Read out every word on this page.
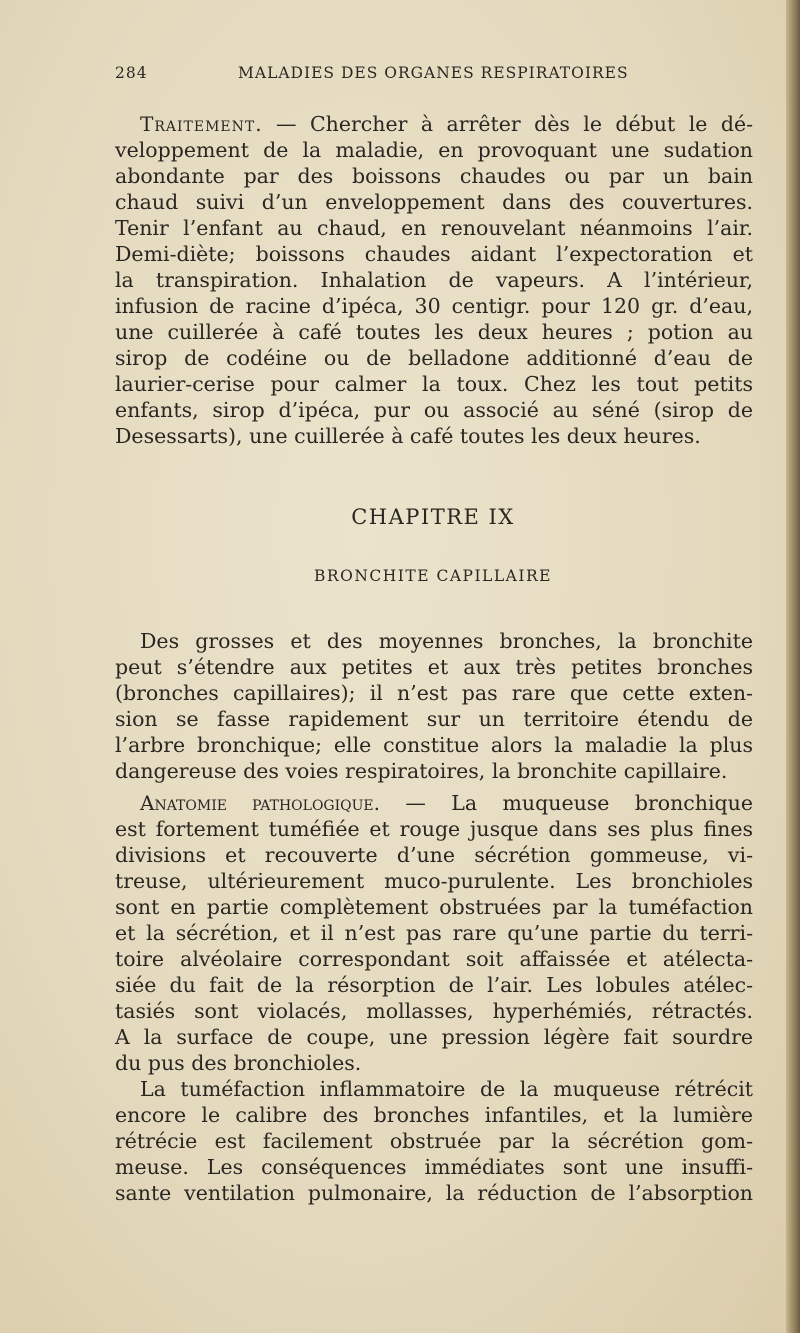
284	MALADIES DES ORGANES RESPIRATOIRES
Traitement. — Chercher à arrêter dès le début le dé-
veloppement de la maladie, en provoquant une sudation
abondante par des boissons chaudes ou par un bain
chaud suivi d’un enveloppement dans des couvertures.
Tenir l’enfant au chaud, en renouvelant néanmoins l’air.
Demi-diète; boissons chaudes aidant l’expectoration et
la transpiration. Inhalation de vapeurs. A l’intérieur,
infusion de racine d’ipéca, 30 centigr. pour 120 gr. d’eau,
une cuillerée à café toutes les deux heures ; potion au
sirop de codéine ou de belladone additionné d’eau de
laurier-cerise pour calmer la toux. Chez les tout petits
enfants, sirop d’ipéca, pur ou associé au séné (sirop de
Desessarts), une cuillerée à café toutes les deux heures.
CHAPITRE IX
BRONCHITE CAPILLAIRE
Des grosses et des moyennes bronches, la bronchite
peut s’étendre aux petites et aux très petites bronches
(bronches capillaires); il n’est pas rare que cette exten-
sion se fasse rapidement sur un territoire étendu de
l’arbre bronchique; elle constitue alors la maladie la plus
dangereuse des voies respiratoires, la bronchite capillaire.
Anatomie pathologique. — La muqueuse bronchique
est fortement tuméfiée et rouge jusque dans ses plus fines
divisions et recouverte d’une sécrétion gommeuse, vi-
treuse, ultérieurement muco-purulente. Les bronchioles
sont en partie complètement obstruées par la tuméfaction
et la sécrétion, et il n’est pas rare qu’une partie du terri-
toire alvéolaire correspondant soit affaissée et atélecta-
siée du fait de la résorption de l’air. Les lobules atélec-
tasiés sont violacés, mollasses, hyperhémiés, rétractés.
A la surface de coupe, une pression légère fait sourdre
du pus des bronchioles.
La tuméfaction inflammatoire de la muqueuse rétrécit
encore le calibre des bronches infantiles, et la lumière
rétrécie est facilement obstruée par la sécrétion gom-
meuse. Les conséquences immédiates sont une insuffi-
sante ventilation pulmonaire, la réduction de l’absorption
